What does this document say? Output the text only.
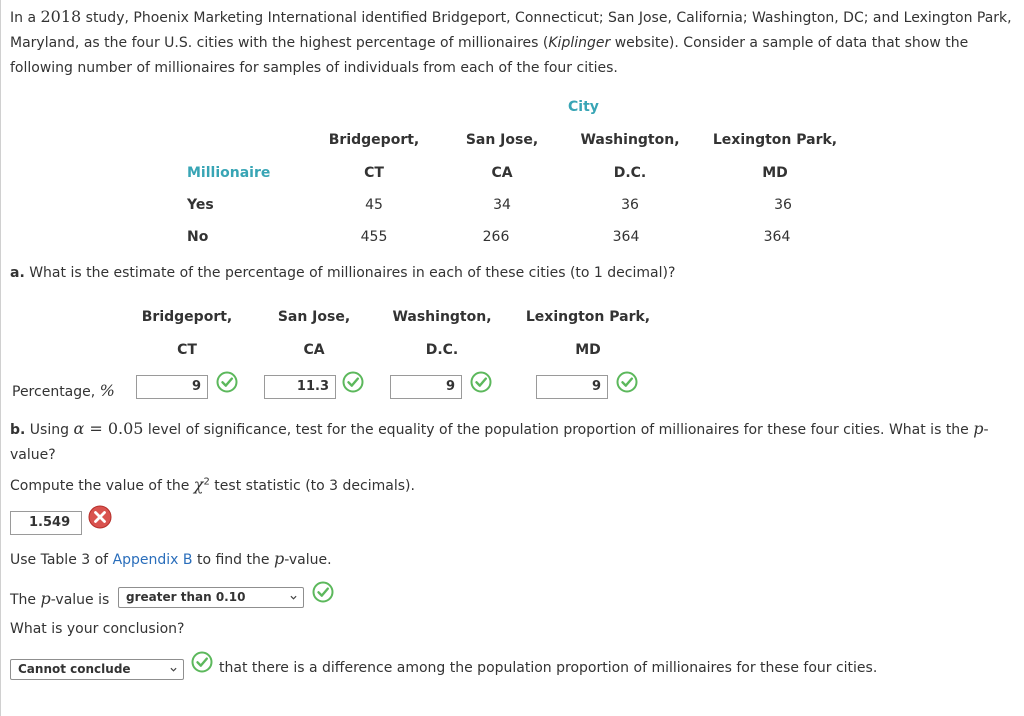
In a 2018 study, Phoenix Marketing International identified Bridgeport, Connecticut; San Jose, California; Washington, DC; and Lexington Park, Maryland, as the four U.S. cities with the highest percentage of millionaires (Kiplinger website). Consider a sample of data that show the following number of millionaires for samples of individuals from each of the four cities.
City
Bridgeport,	San Jose,	Washington,	Lexington Park,
Millionaire	CT	CA	D.C.	MD
Yes	45	34	36	36
No	455	266	364	364
a. What is the estimate of the percentage of millionaires in each of these cities (to 1 decimal)?
Bridgeport,	San Jose,	Washington,	Lexington Park,
CT	CA	D.C.	MD
Percentage, %	9	11.3	9	9
b. Using α = 0.05 level of significance, test for the equality of the population proportion of millionaires for these four cities. What is the p-value?
Compute the value of the $\chi^2$ test statistic (to 3 decimals).
1.549
Use Table 3 of Appendix B to find the p-value.
The p-value is	greater than 0.10
What is your conclusion?
Cannot conclude	that there is a difference among the population proportion of millionaires for these four cities.
